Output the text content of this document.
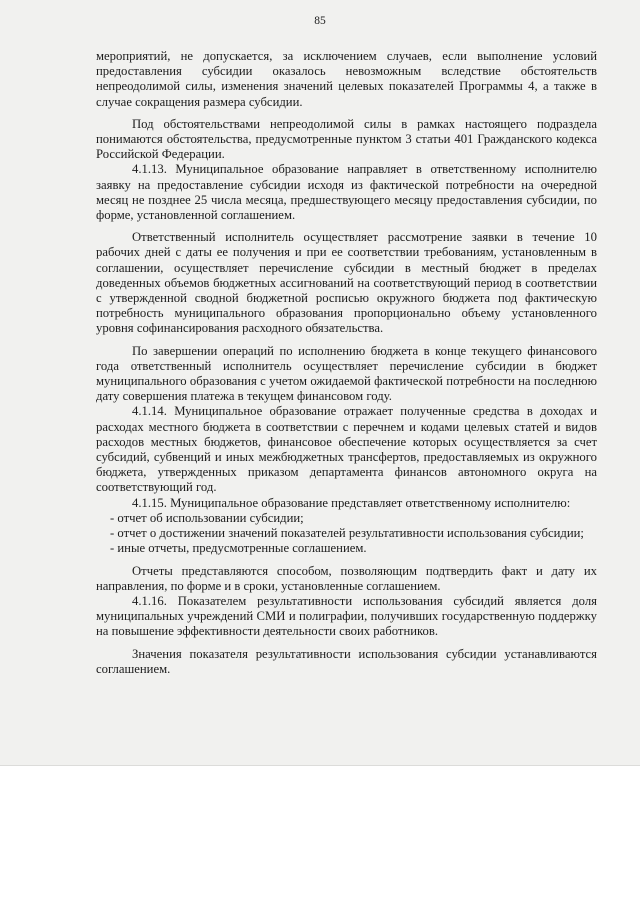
85

мероприятий, не допускается, за исключением случаев, если выполнение условий предоставления субсидии оказалось невозможным вследствие обстоятельств непреодолимой силы, изменения значений целевых показателей Программы 4, а также в случае сокращения размера субсидии.

Под обстоятельствами непреодолимой силы в рамках настоящего подраздела понимаются обстоятельства, предусмотренные пунктом 3 статьи 401 Гражданского кодекса Российской Федерации.

4.1.13. Муниципальное образование направляет в ответственному исполнителю заявку на предоставление субсидии исходя из фактической потребности на очередной месяц не позднее 25 числа месяца, предшествующего месяцу предоставления субсидии, по форме, установленной соглашением.

Ответственный исполнитель осуществляет рассмотрение заявки в течение 10 рабочих дней с даты ее получения и при ее соответствии требованиям, установленным в соглашении, осуществляет перечисление субсидии в местный бюджет в пределах доведенных объемов бюджетных ассигнований на соответствующий период в соответствии с утвержденной сводной бюджетной росписью окружного бюджета под фактическую потребность муниципального образования пропорционально объему установленного уровня софинансирования расходного обязательства.

По завершении операций по исполнению бюджета в конце текущего финансового года ответственный исполнитель осуществляет перечисление субсидии в бюджет муниципального образования с учетом ожидаемой фактической потребности на последнюю дату совершения платежа в текущем финансовом году.

4.1.14. Муниципальное образование отражает полученные средства в доходах и расходах местного бюджета в соответствии с перечнем и кодами целевых статей и видов расходов местных бюджетов, финансовое обеспечение которых осуществляется за счет субсидий, субвенций и иных межбюджетных трансфертов, предоставляемых из окружного бюджета, утвержденных приказом департамента финансов автономного округа на соответствующий год.

4.1.15. Муниципальное образование представляет ответственному исполнителю:

- отчет об использовании субсидии;

- отчет о достижении значений показателей результативности использования субсидии;

- иные отчеты, предусмотренные соглашением.

Отчеты представляются способом, позволяющим подтвердить факт и дату их направления, по форме и в сроки, установленные соглашением.

4.1.16. Показателем результативности использования субсидий является доля муниципальных учреждений СМИ и полиграфии, получивших государственную поддержку на повышение эффективности деятельности своих работников.

Значения показателя результативности использования субсидии устанавливаются соглашением.
